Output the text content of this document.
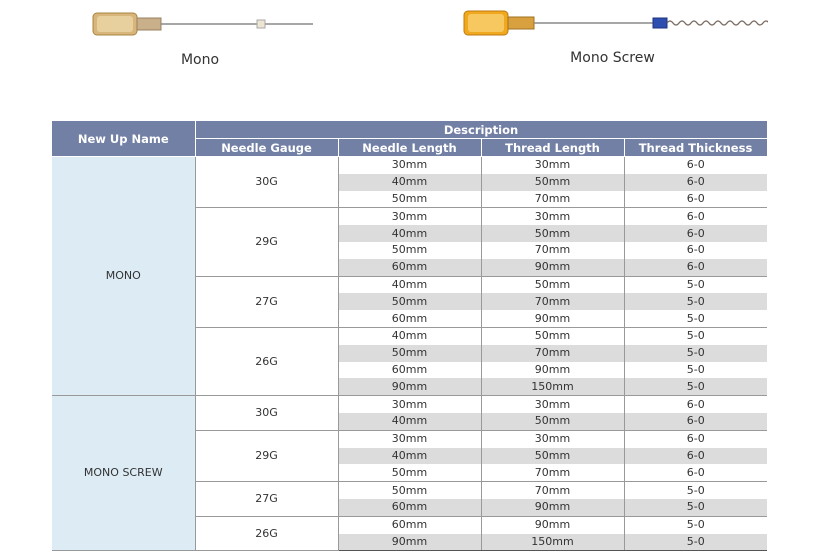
Mono	Mono Screw
New Up Name	Description			
	Needle Gauge	Needle Length	Thread Length	Thread Thickness
MONO	30G	30mm	30mm	6-0
		40mm	50mm	6-0
		50mm	70mm	6-0
	29G	30mm	30mm	6-0
		40mm	50mm	6-0
		50mm	70mm	6-0
		60mm	90mm	6-0
	27G	40mm	50mm	5-0
		50mm	70mm	5-0
		60mm	90mm	5-0
	26G	40mm	50mm	5-0
		50mm	70mm	5-0
		60mm	90mm	5-0
		90mm	150mm	5-0
MONO SCREW	30G	30mm	30mm	6-0
		40mm	50mm	6-0
	29G	30mm	30mm	6-0
		40mm	50mm	6-0
		50mm	70mm	6-0
	27G	50mm	70mm	5-0
		60mm	90mm	5-0
	26G	60mm	90mm	5-0
		90mm	150mm	5-0
